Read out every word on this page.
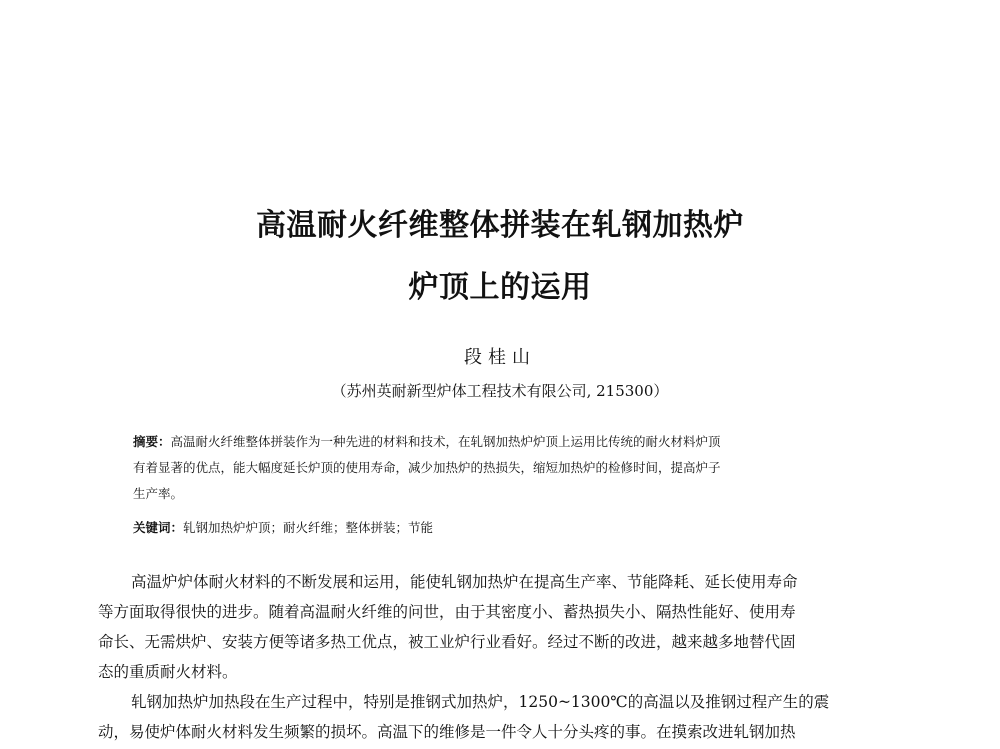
高温耐火纤维整体拼装在轧钢加热炉
炉顶上的运用
段桂山
（苏州英耐新型炉体工程技术有限公司, 215300）
摘要：高温耐火纤维整体拼装作为一种先进的材料和技术，在轧钢加热炉炉顶上运用比传统的耐火材料炉顶
有着显著的优点，能大幅度延长炉顶的使用寿命，减少加热炉的热损失，缩短加热炉的检修时间，提高炉子
生产率。
关键词：轧钢加热炉炉顶；耐火纤维；整体拼装；节能
高温炉炉体耐火材料的不断发展和运用，能使轧钢加热炉在提高生产率、节能降耗、延长使用寿命
等方面取得很快的进步。随着高温耐火纤维的问世，由于其密度小、蓄热损失小、隔热性能好、使用寿
命长、无需烘炉、安装方便等诸多热工优点，被工业炉行业看好。经过不断的改进，越来越多地替代固
态的重质耐火材料。
轧钢加热炉加热段在生产过程中，特别是推钢式加热炉，1250~1300℃的高温以及推钢过程产生的震
动，易使炉体耐火材料发生频繁的损坏。高温下的维修是一件令人十分头疼的事。在摸索改进轧钢加热
